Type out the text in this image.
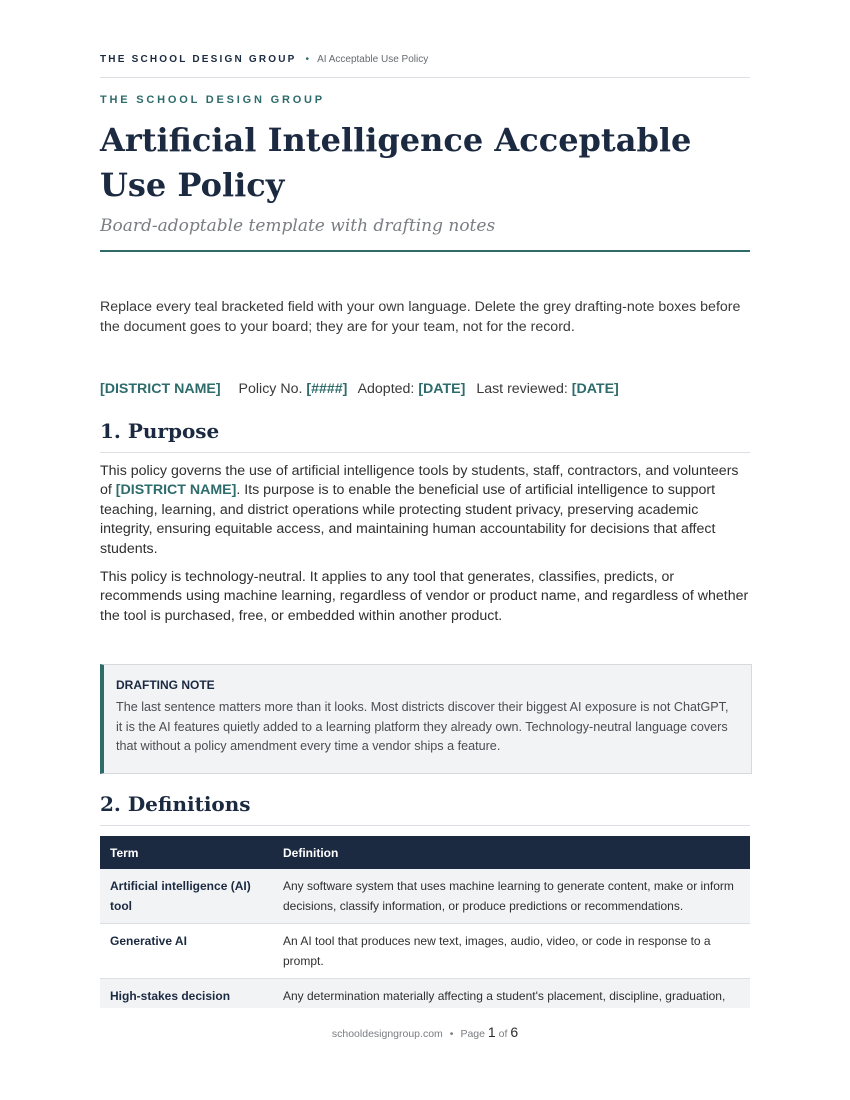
THE SCHOOL DESIGN GROUP • AI Acceptable Use Policy
THE SCHOOL DESIGN GROUP
Artificial Intelligence Acceptable Use Policy
Board-adoptable template with drafting notes

Replace every teal bracketed field with your own language. Delete the grey drafting-note boxes before the document goes to your board; they are for your team, not for the record.

[DISTRICT NAME] Policy No. [####] Adopted: [DATE] Last reviewed: [DATE]
1. Purpose

This policy governs the use of artificial intelligence tools by students, staff, contractors, and volunteers of [DISTRICT NAME]. Its purpose is to enable the beneficial use of artificial intelligence to support teaching, learning, and district operations while protecting student privacy, preserving academic integrity, ensuring equitable access, and maintaining human accountability for decisions that affect students.

This policy is technology-neutral. It applies to any tool that generates, classifies, predicts, or recommends using machine learning, regardless of vendor or product name, and regardless of whether the tool is purchased, free, or embedded within another product.

DRAFTING NOTE

The last sentence matters more than it looks. Most districts discover their biggest AI exposure is not ChatGPT, it is the AI features quietly added to a learning platform they already own. Technology-neutral language covers that without a policy amendment every time a vendor ships a feature.

2. Definitions
Term	Definition
Artificial intelligence (AI) tool	Any software system that uses machine learning to generate content, make or inform decisions, classify information, or produce predictions or recommendations.
Generative AI	An AI tool that produces new text, images, audio, video, or code in response to a prompt.
High-stakes decision	Any determination materially affecting a student's placement, discipline, graduation,
schooldesigngroup.com • Page 1 of 6
